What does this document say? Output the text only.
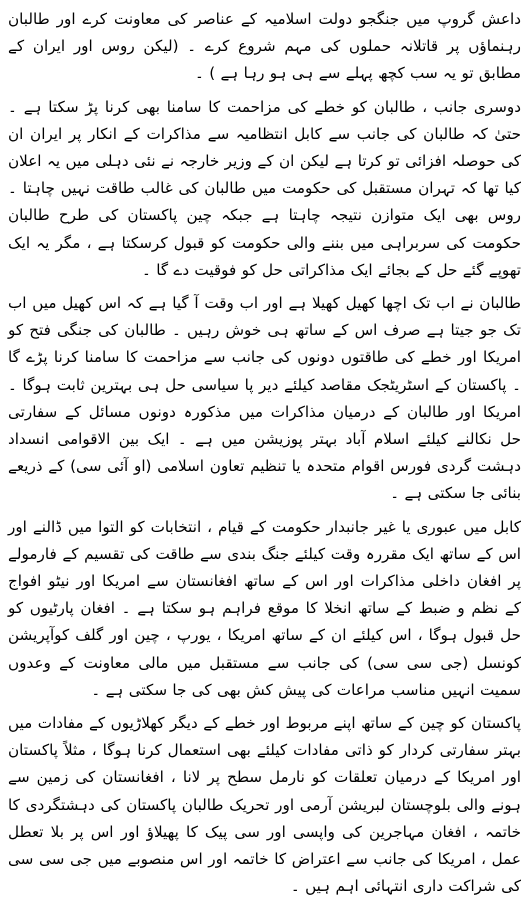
داعش گروپ میں جنگجو دولت اسلامیہ کے عناصر کی معاونت کرے اور طالبان رہنماؤں پر قاتلانہ حملوں کی مہم شروع کرے ۔ (لیکن روس اور ایران کے مطابق تو یہ سب کچھ پہلے سے ہی ہو رہا ہے ) ۔

دوسری جانب ، طالبان کو خطے کی مزاحمت کا سامنا بھی کرنا پڑ سکتا ہے ۔ حتیٰ کہ طالبان کی جانب سے کابل انتظامیہ سے مذاکرات کے انکار پر ایران ان کی حوصلہ افزائی تو کرتا ہے لیکن ان کے وزیر خارجہ نے نئی دہلی میں یہ اعلان کیا تھا کہ تہران مستقبل کی حکومت میں طالبان کی غالب طاقت نہیں چاہتا ۔ روس بھی ایک متوازن نتیجہ چاہتا ہے جبکہ چین پاکستان کی طرح طالبان حکومت کی سربراہی میں بننے والی حکومت کو قبول کرسکتا ہے ، مگر یہ ایک تھوپے گئے حل کے بجائے ایک مذاکراتی حل کو فوقیت دے گا ۔

طالبان نے اب تک اچھا کھیل کھیلا ہے اور اب وقت آ گیا ہے کہ اس کھیل میں اب تک جو جیتا ہے صرف اس کے ساتھ ہی خوش رہیں ۔ طالبان کی جنگی فتح کو امریکا اور خطے کی طاقتوں دونوں کی جانب سے مزاحمت کا سامنا کرنا پڑے گا ۔ پاکستان کے اسٹریٹجک مقاصد کیلئے دیر پا سیاسی حل ہی بہترین ثابت ہوگا ۔ امریکا اور طالبان کے درمیان مذاکرات میں مذکورہ دونوں مسائل کے سفارتی حل نکالنے کیلئے اسلام آباد بہتر پوزیشن میں ہے ۔ ایک بین الاقوامی انسداد دہشت گردی فورس اقوام متحدہ یا تنظیم تعاون اسلامی (او آئی سی) کے ذریعے بنائی جا سکتی ہے ۔

کابل میں عبوری یا غیر جانبدار حکومت کے قیام ، انتخابات کو التوا میں ڈالنے اور اس کے ساتھ ایک مقررہ وقت کیلئے جنگ بندی سے طاقت کی تقسیم کے فارمولے پر افغان داخلی مذاکرات اور اس کے ساتھ افغانستان سے امریکا اور نیٹو افواج کے نظم و ضبط کے ساتھ انخلا کا موقع فراہم ہو سکتا ہے ۔ افغان پارٹیوں کو حل قبول ہوگا ، اس کیلئے ان کے ساتھ امریکا ، یورپ ، چین اور گلف کوآپریشن کونسل (جی سی سی) کی جانب سے مستقبل میں مالی معاونت کے وعدوں سمیت انہیں مناسب مراعات کی پیش کش بھی کی جا سکتی ہے ۔

پاکستان کو چین کے ساتھ اپنے مربوط اور خطے کے دیگر کھلاڑیوں کے مفادات میں بہتر سفارتی کردار کو ذاتی مفادات کیلئے بھی استعمال کرنا ہوگا ، مثلاً پاکستان اور امریکا کے درمیان تعلقات کو نارمل سطح پر لانا ، افغانستان کی زمین سے ہونے والی بلوچستان لبریشن آرمی اور تحریک طالبان پاکستان کی دہشتگردی کا خاتمہ ، افغان مہاجرین کی واپسی اور سی پیک کا پھیلاؤ اور اس پر بلا تعطل عمل ، امریکا کی جانب سے اعتراض کا خاتمہ اور اس منصوبے میں جی سی سی کی شراکت داری انتہائی اہم ہیں ۔
